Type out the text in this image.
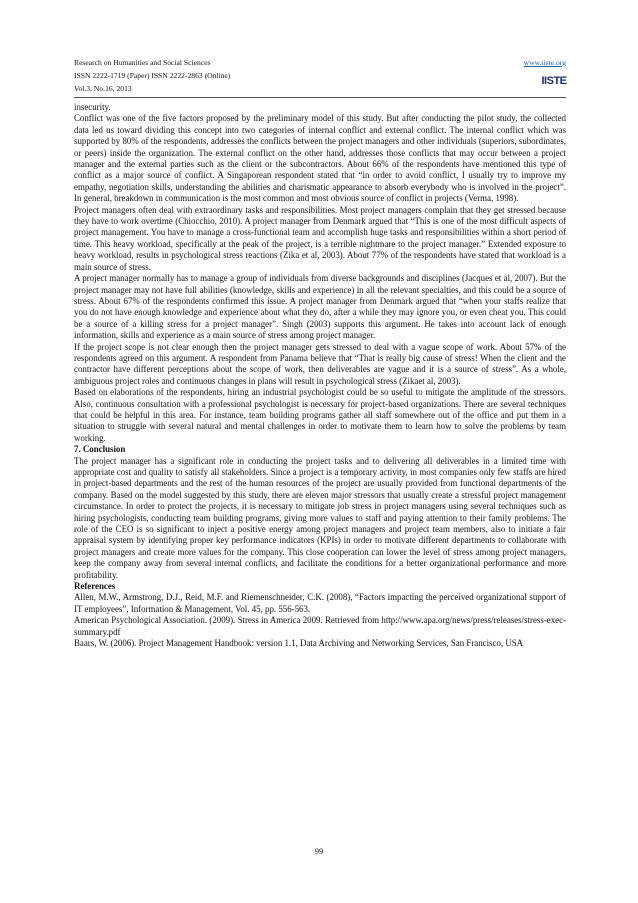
Research on Humanities and Social Sciences
ISSN 2222-1719 (Paper) ISSN 2222-2863 (Online)
Vol.3, No.16, 2013
www.iiste.org
IISTE

insecurity.

Conflict was one of the five factors proposed by the preliminary model of this study. But after conducting the pilot study, the collected data led us toward dividing this concept into two categories of internal conflict and external conflict. The internal conflict which was supported by 80% of the respondents, addresses the conflicts between the project managers and other individuals (superiors, subordinates, or peers) inside the organization. The external conflict on the other hand, addresses those conflicts that may occur between a project manager and the external parties such as the client or the subcontractors. About 66% of the respondents have mentioned this type of conflict as a major source of conflict. A Singaporean respondent stated that “in order to avoid conflict, I usually try to improve my empathy, negotiation skills, understanding the abilities and charismatic appearance to absorb everybody who is involved in the project”. In general, breakdown in communication is the most common and most obvious source of conflict in projects (Verma, 1998).

Project managers often deal with extraordinary tasks and responsibilities. Most project managers complain that they get stressed because they have to work overtime (Chiocchio, 2010). A project manager from Denmark argued that “This is one of the most difficult aspects of project management. You have to manage a cross-functional team and accomplish huge tasks and responsibilities within a short period of time. This heavy workload, specifically at the peak of the project, is a terrible nightmare to the project manager.” Extended exposure to heavy workload, results in psychological stress reactions (Zika et al, 2003). About 77% of the respondents have stated that workload is a main source of stress.

A project manager normally has to manage a group of individuals from diverse backgrounds and disciplines (Jacques et al, 2007). But the project manager may not have full abilities (knowledge, skills and experience) in all the relevant specialties, and this could be a source of stress. About 67% of the respondents confirmed this issue. A project manager from Denmark argued that “when your staffs realize that you do not have enough knowledge and experience about what they do, after a while they may ignore you, or even cheat you. This could be a source of a killing stress for a project manager”. Singh (2003) supports this argument. He takes into account lack of enough information, skills and experience as a main source of stress among project manager.

If the project scope is not clear enough then the project manager gets stressed to deal with a vague scope of work. About 57% of the respondents agreed on this argument. A respondent from Panama believe that “That is really big cause of stress! When the client and the contractor have different perceptions about the scope of work, then deliverables are vague and it is a source of stress”. As a whole, ambiguous project roles and continuous changes in plans will result in psychological stress (Zikaet al, 2003).

Based on elaborations of the respondents, hiring an industrial psychologist could be so useful to mitigate the amplitude of the stressors. Also, continuous consultation with a professional psychologist is necessary for project-based organizations. There are several techniques that could be helpful in this area. For instance, team building programs gather all staff somewhere out of the office and put them in a situation to struggle with several natural and mental challenges in order to motivate them to learn how to solve the problems by team working.

7. Conclusion

The project manager has a significant role in conducting the project tasks and to delivering all deliverables in a limited time with appropriate cost and quality to satisfy all stakeholders. Since a project is a temporary activity, in most companies only few staffs are hired in project-based departments and the rest of the human resources of the project are usually provided from functional departments of the company. Based on the model suggested by this study, there are eleven major stressors that usually create a stressful project management circumstance. In order to protect the projects, it is necessary to mitigate job stress in project managers using several techniques such as hiring psychologists, conducting team building programs, giving more values to staff and paying attention to their family problems. The role of the CEO is so significant to inject a positive energy among project managers and project team members, also to initiate a fair appraisal system by identifying proper key performance indicators (KPIs) in order to motivate different departments to collaborate with project managers and create more values for the company. This close cooperation can lower the level of stress among project managers, keep the company away from several internal conflicts, and facilitate the conditions for a better organizational performance and more profitability.

References

Allen, M.W., Armstrong, D.J., Reid, M.F. and Riemenschneider, C.K. (2008), “Factors impacting the perceived organizational support of IT employees”, Information & Management, Vol. 45, pp. 556-563.

American Psychological Association. (2009). Stress in America 2009. Retrieved from http://www.apa.org/news/press/releases/stress-exec-summary.pdf

Baars, W. (2006). Project Management Handbook: version 1.1, Data Archiving and Networking Services, San Francisco, USA

99
